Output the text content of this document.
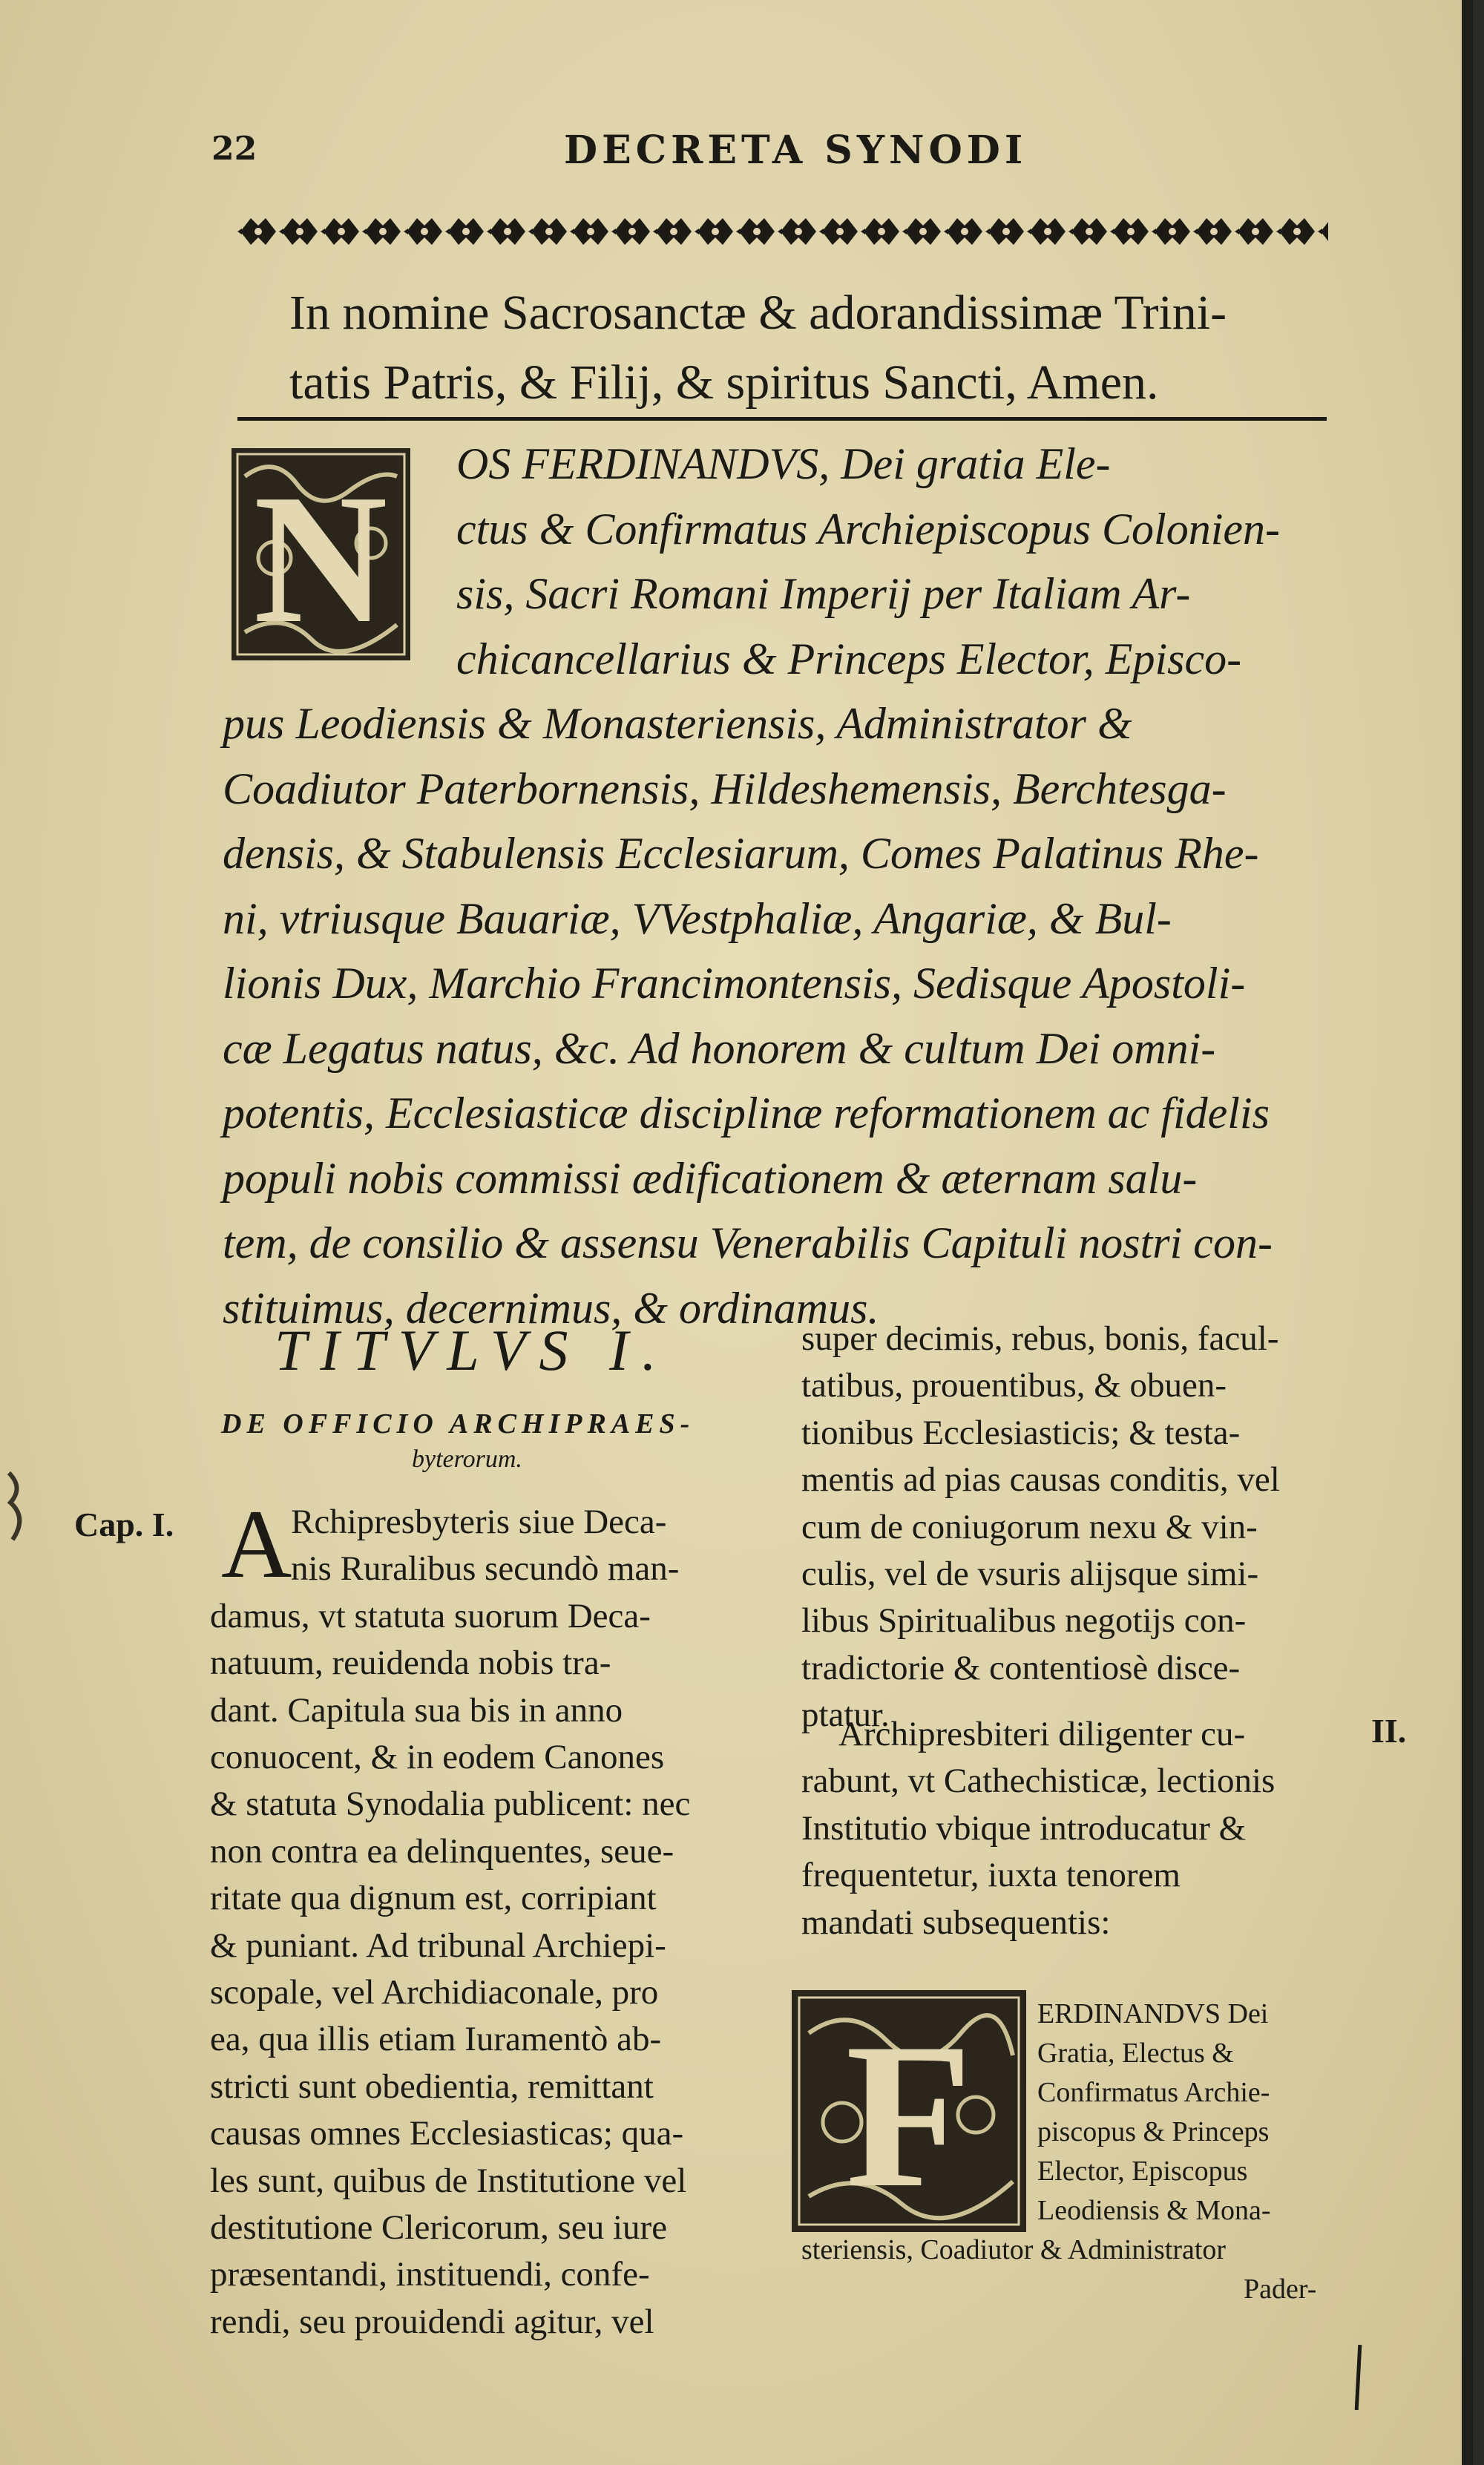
22	DECRETA SYNODI
In nomine Sacrosanctæ & adorandissimæ Trini-
tatis Patris, & Filij, & spiritus Sancti, Amen.
N	OS FERDINANDVS, Dei gratia Ele-
ctus & Confirmatus Archiepiscopus Colonien-
sis, Sacri Romani Imperij per Italiam Ar-
chicancellarius & Princeps Elector, Episco-
pus Leodiensis & Monasteriensis, Administrator &
Coadiutor Paterbornensis, Hildeshemensis, Berchtesga-
densis, & Stabulensis Ecclesiarum, Comes Palatinus Rhe-
ni, vtriusque Bauariæ, VVestphaliæ, Angariæ, & Bul-
lionis Dux, Marchio Francimontensis, Sedisque Apostoli-
cæ Legatus natus, &c. Ad honorem & cultum Dei omni-
potentis, Ecclesiasticæ disciplinæ reformationem ac fidelis
populi nobis commissi ædificationem & æternam salu-
tem, de consilio & assensu Venerabilis Capituli nostri con-
stituimus, decernimus, & ordinamus.
TITVLVS I.
DE OFFICIO ARCHIPRAES-
byterorum.
Cap. I.
II.
A
Rchipresbyteris siue Deca-
nis Ruralibus secundò man-
damus, vt statuta suorum Deca-
natuum, reuidenda nobis tra-
dant. Capitula sua bis in anno
conuocent, & in eodem Canones
& statuta Synodalia publicent: nec
non contra ea delinquentes, seue-
ritate qua dignum est, corripiant
& puniant. Ad tribunal Archiepi-
scopale, vel Archidiaconale, pro
ea, qua illis etiam Iuramentò ab-
stricti sunt obedientia, remittant
causas omnes Ecclesiasticas; qua-
les sunt, quibus de Institutione vel
destitutione Clericorum, seu iure
præsentandi, instituendi, confe-
rendi, seu prouidendi agitur, vel
super decimis, rebus, bonis, facul-
tatibus, prouentibus, & obuen-
tionibus Ecclesiasticis; & testa-
mentis ad pias causas conditis, vel
cum de coniugorum nexu & vin-
culis, vel de vsuris alijsque simi-
libus Spiritualibus negotijs con-
tradictorie & contentiosè disce-
ptatur.
Archipresbiteri diligenter cu-
rabunt, vt Cathechisticæ, lectionis
Institutio vbique introducatur &
frequentetur, iuxta tenorem
mandati subsequentis:
F ERDINANDVS Dei
Gratia, Electus &
Confirmatus Archie-
piscopus & Princeps
Elector, Episcopus
Leodiensis & Mona-
steriensis, Coadiutor & Administrator
Pader-
